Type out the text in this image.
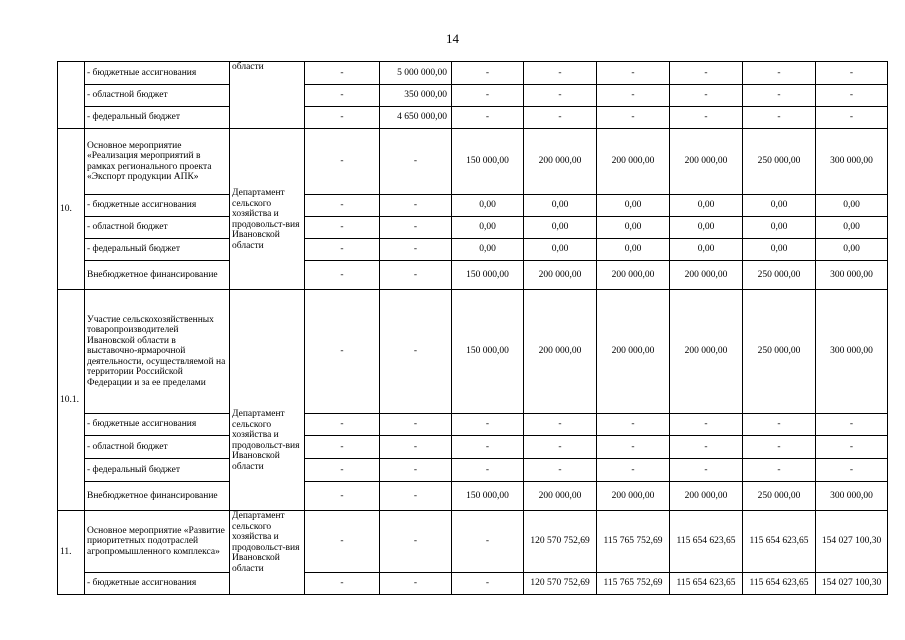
14
	- бюджетные ассигнования	области	-	5 000 000,00	-	-	-	-	-	-
	- областной бюджет		-	350 000,00	-	-	-	-	-	-
	- федеральный бюджет		-	4 650 000,00	-	-	-	-	-	-
10.	Основное мероприятие «Реализация мероприятий в рамках регионального проекта «Экспорт продукции АПК»	Департамент сельского хозяйства и продовольст-вия Ивановской области	-	-	150 000,00	200 000,00	200 000,00	200 000,00	250 000,00	300 000,00
	- бюджетные ассигнования		-	-	0,00	0,00	0,00	0,00	0,00	0,00
	- областной бюджет		-	-	0,00	0,00	0,00	0,00	0,00	0,00
	- федеральный бюджет		-	-	0,00	0,00	0,00	0,00	0,00	0,00
	Внебюджетное финансирование		-	-	150 000,00	200 000,00	200 000,00	200 000,00	250 000,00	300 000,00
10.1.	Участие сельскохозяйственных товаропроизводителей Ивановской области в выставочно-ярмарочной деятельности, осуществляемой на территории Российской Федерации и за ее пределами	Департамент сельского хозяйства и продовольст-вия Ивановской области	-	-	150 000,00	200 000,00	200 000,00	200 000,00	250 000,00	300 000,00
	- бюджетные ассигнования		-	-	-	-	-	-	-	-
	- областной бюджет		-	-	-	-	-	-	-	-
	- федеральный бюджет		-	-	-	-	-	-	-	-
	Внебюджетное финансирование		-	-	150 000,00	200 000,00	200 000,00	200 000,00	250 000,00	300 000,00
11.	Основное мероприятие «Развитие приоритетных подотраслей агропромышленного комплекса»	Департамент сельского хозяйства и продовольст-вия Ивановской области	-	-	-	120 570 752,69	115 765 752,69	115 654 623,65	115 654 623,65	154 027 100,30
	- бюджетные ассигнования		-	-	-	120 570 752,69	115 765 752,69	115 654 623,65	115 654 623,65	154 027 100,30
